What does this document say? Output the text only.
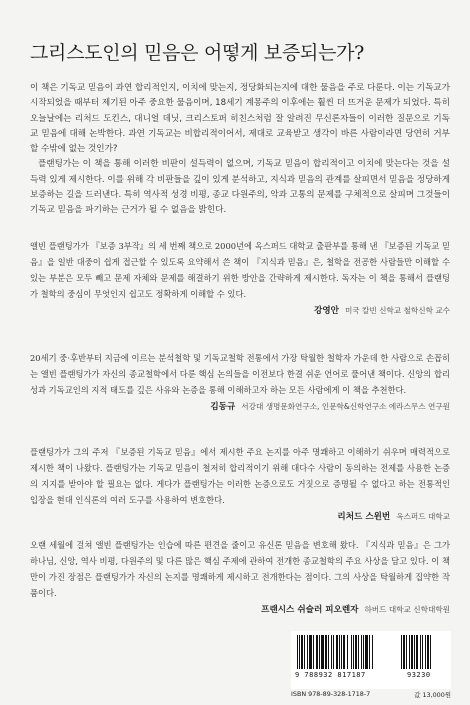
그리스도인의 믿음은 어떻게 보증되는가?

이 책은 기독교 믿음이 과연 합리적인지, 이치에 맞는지, 정당화되는지에 대한 물음을 주로 다룬다. 이는 기독교가 시작되었을 때부터 제기된 아주 중요한 물음이며, 18세기 계몽주의 이후에는 훨씬 더 뜨거운 문제가 되었다. 특히 오늘날에는 리처드 도킨스, 대니얼 데닛, 크리스토퍼 히친스처럼 잘 알려진 무신론자들이 이러한 질문으로 기독교 믿음에 대해 논박한다. 과연 기독교는 비합리적이어서, 제대로 교육받고 생각이 바른 사람이라면 당연히 거부할 수밖에 없는 것인가?

플랜팅가는 이 책을 통해 이러한 비판이 설득력이 없으며, 기독교 믿음이 합리적이고 이치에 맞는다는 것을 설득력 있게 제시한다. 이를 위해 각 비판들을 깊이 있게 분석하고, 지식과 믿음의 관계를 살피면서 믿음을 정당하게 보증하는 길을 드러낸다. 특히 역사적 성경 비평, 종교 다원주의, 악과 고통의 문제를 구체적으로 살피며 그것들이 기독교 믿음을 파기하는 근거가 될 수 없음을 밝힌다.

앨빈 플랜팅가가 『보증 3부작』의 세 번째 책으로 2000년에 옥스퍼드 대학교 출판부를 통해 낸 『보증된 기독교 믿음』을 일반 대중이 쉽게 접근할 수 있도록 요약해서 쓴 책이 『지식과 믿음』은, 철학을 전공한 사람들만 이해할 수 있는 부분은 모두 빼고 문제 자체와 문제를 해결하기 위한 방안을 간략하게 제시한다. 독자는 이 책을 통해서 플랜팅가 철학의 중심이 무엇인지 쉽고도 정확하게 이해할 수 있다.

강영안 미국 칼빈 신학교 철학신학 교수

20세기 중·후반부터 지금에 이르는 분석철학 및 기독교철학 전통에서 가장 탁월한 철학자 가운데 한 사람으로 손꼽히는 앨빈 플랜팅가가 자신의 종교철학에서 다룬 핵심 논의들을 이전보다 한결 쉬운 언어로 풀어낸 책이다. 신앙의 합리성과 기독교인의 지적 태도를 깊은 사유와 논증을 통해 이해하고자 하는 모든 사람에게 이 책을 추천한다.

김동규 서강대 생명문화연구소, 인문학&신학연구소 에라스무스 연구원

플랜팅가가 그의 주저 『보증된 기독교 믿음』에서 제시한 주요 논지를 아주 명쾌하고 이해하기 쉬우며 매력적으로 제시한 책이 나왔다. 플랜팅가는 기독교 믿음이 철저히 합리적이기 위해 대다수 사람이 동의하는 전제를 사용한 논증의 지지를 받아야 할 필요는 없다. 게다가 플랜팅가는 이러한 논증으로도 거짓으로 증명될 수 없다고 하는 전통적인 입장을 현대 인식론의 여러 도구를 사용하여 변호한다.

리처드 스윈번 옥스퍼드 대학교

오랜 세월에 걸쳐 앨빈 플랜팅가는 인습에 따른 편견을 줄이고 유신론 믿음을 변호해 왔다. 『지식과 믿음』은 그가 하나님, 신앙, 역사 비평, 다원주의 및 다른 많은 핵심 주제에 관하여 전개한 종교철학의 주요 사상을 담고 있다. 이 책만이 가진 장점은 플랜팅가가 자신의 논지를 명쾌하게 제시하고 전개한다는 점이다. 그의 사상을 탁월하게 집약한 작품이다.

프랜시스 쉬슬러 피오렌자 하버드 대학교 신학대학원

9 788932 817187	93230
ISBN 978-89-328-1718-7	값 13,000원
